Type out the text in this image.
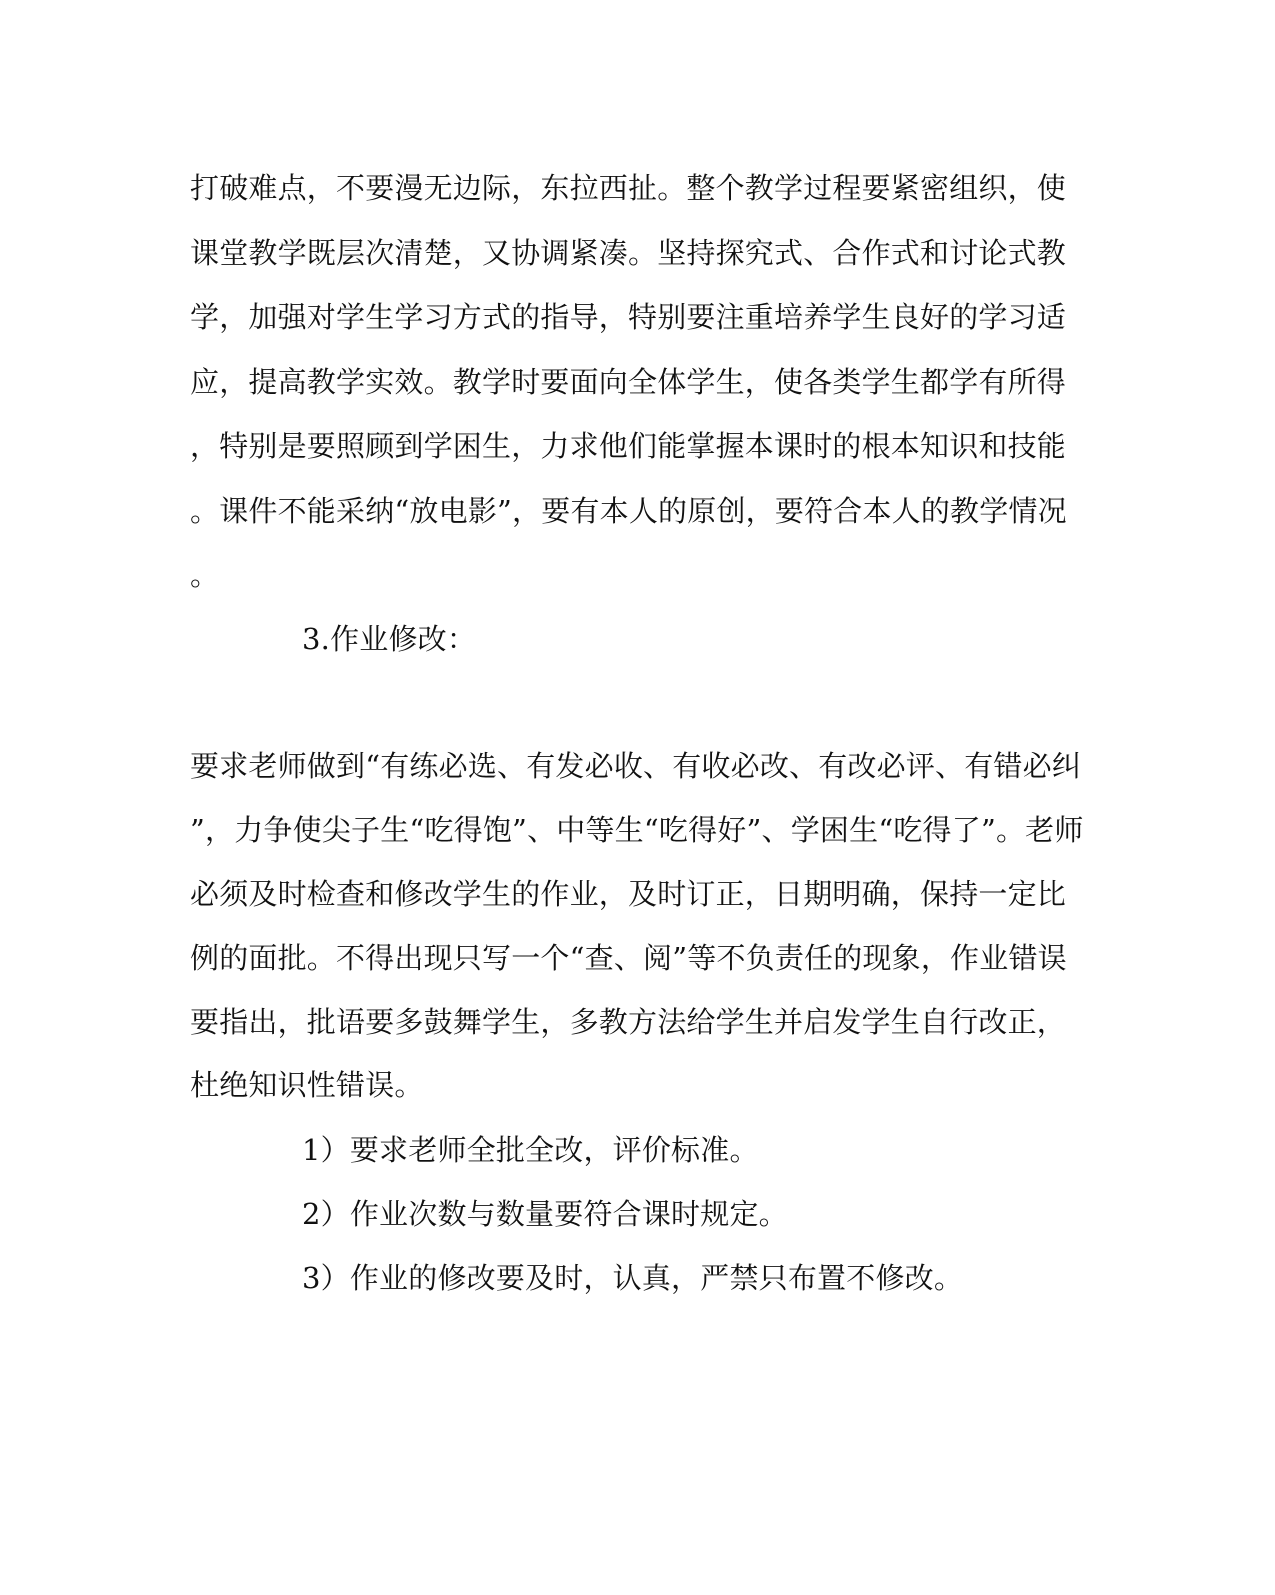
打破难点，不要漫无边际，东拉西扯。整个教学过程要紧密组织，使
课堂教学既层次清楚，又协调紧凑。坚持探究式、合作式和讨论式教
学，加强对学生学习方式的指导，特别要注重培养学生良好的学习适
应，提高教学实效。教学时要面向全体学生，使各类学生都学有所得
，特别是要照顾到学困生，力求他们能掌握本课时的根本知识和技能
。课件不能采纳“放电影”，要有本人的原创，要符合本人的教学情况
。
3.作业修改：
要求老师做到“有练必选、有发必收、有收必改、有改必评、有错必纠
”，力争使尖子生“吃得饱”、中等生“吃得好”、学困生“吃得了”。老师
必须及时检查和修改学生的作业，及时订正，日期明确，保持一定比
例的面批。不得出现只写一个“查、阅”等不负责任的现象，作业错误
要指出，批语要多鼓舞学生，多教方法给学生并启发学生自行改正，
杜绝知识性错误。
1）要求老师全批全改，评价标准。
2）作业次数与数量要符合课时规定。
3）作业的修改要及时，认真，严禁只布置不修改。
